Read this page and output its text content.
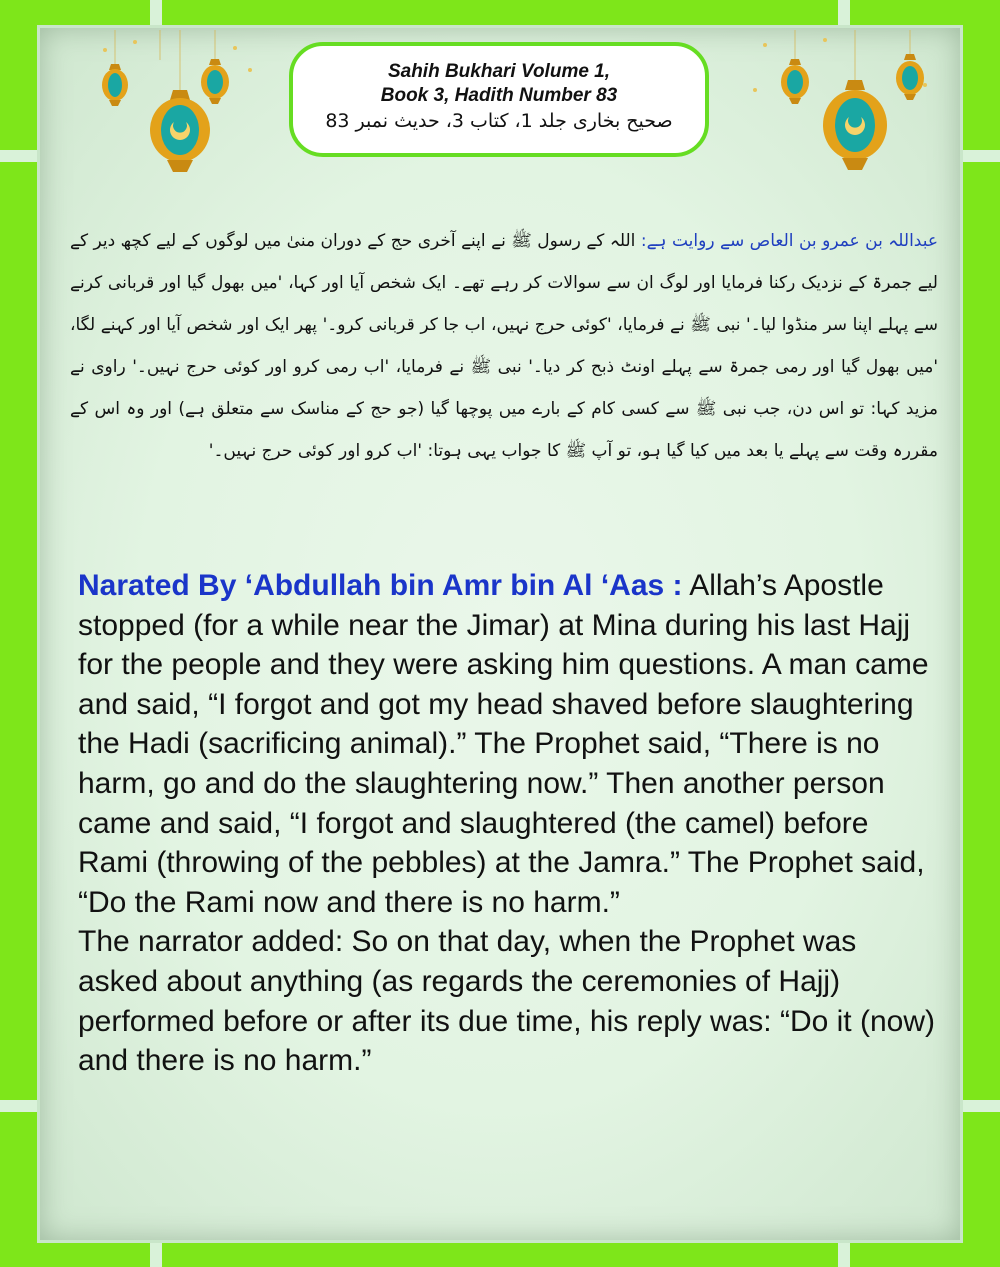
Sahih Bukhari Volume 1,
Book 3, Hadith Number 83
صحیح بخاری جلد 1، کتاب 3، حدیث نمبر 83
عبداللہ بن عمرو بن العاص سے روایت ہے: اللہ کے رسول ﷺ نے اپنے آخری حج کے دوران منیٰ میں لوگوں کے لیے کچھ دیر کے لیے جمرۃ کے نزدیک رکنا فرمایا اور لوگ ان سے سوالات کر رہے تھے۔ ایک شخص آیا اور کہا، 'میں بھول گیا اور قربانی کرنے سے پہلے اپنا سر منڈوا لیا۔' نبی ﷺ نے فرمایا، 'کوئی حرج نہیں، اب جا کر قربانی کرو۔' پھر ایک اور شخص آیا اور کہنے لگا، 'میں بھول گیا اور رمی جمرۃ سے پہلے اونٹ ذبح کر دیا۔' نبی ﷺ نے فرمایا، 'اب رمی کرو اور کوئی حرج نہیں۔' راوی نے مزید کہا: تو اس دن، جب نبی ﷺ سے کسی کام کے بارے میں پوچھا گیا (جو حج کے مناسک سے متعلق ہے) اور وہ اس کے مقررہ وقت سے پہلے یا بعد میں کیا گیا ہو، تو آپ ﷺ کا جواب یہی ہوتا: 'اب کرو اور کوئی حرج نہیں۔'

Narated By ‘Abdullah bin Amr bin Al ‘Aas : Allah’s Apostle stopped (for a while near the Jimar) at Mina during his last Hajj for the people and they were asking him questions. A man came and said, “I forgot and got my head shaved before slaughtering the Hadi (sacrificing animal).” The Prophet said, “There is no harm, go and do the slaughtering now.” Then another person came and said, “I forgot and slaughtered (the camel) before Rami (throwing of the pebbles) at the Jamra.” The Prophet said, “Do the Rami now and there is no harm.”

The narrator added: So on that day, when the Prophet was asked about anything (as regards the ceremonies of Hajj) performed before or after its due time, his reply was: “Do it (now) and there is no harm.”
